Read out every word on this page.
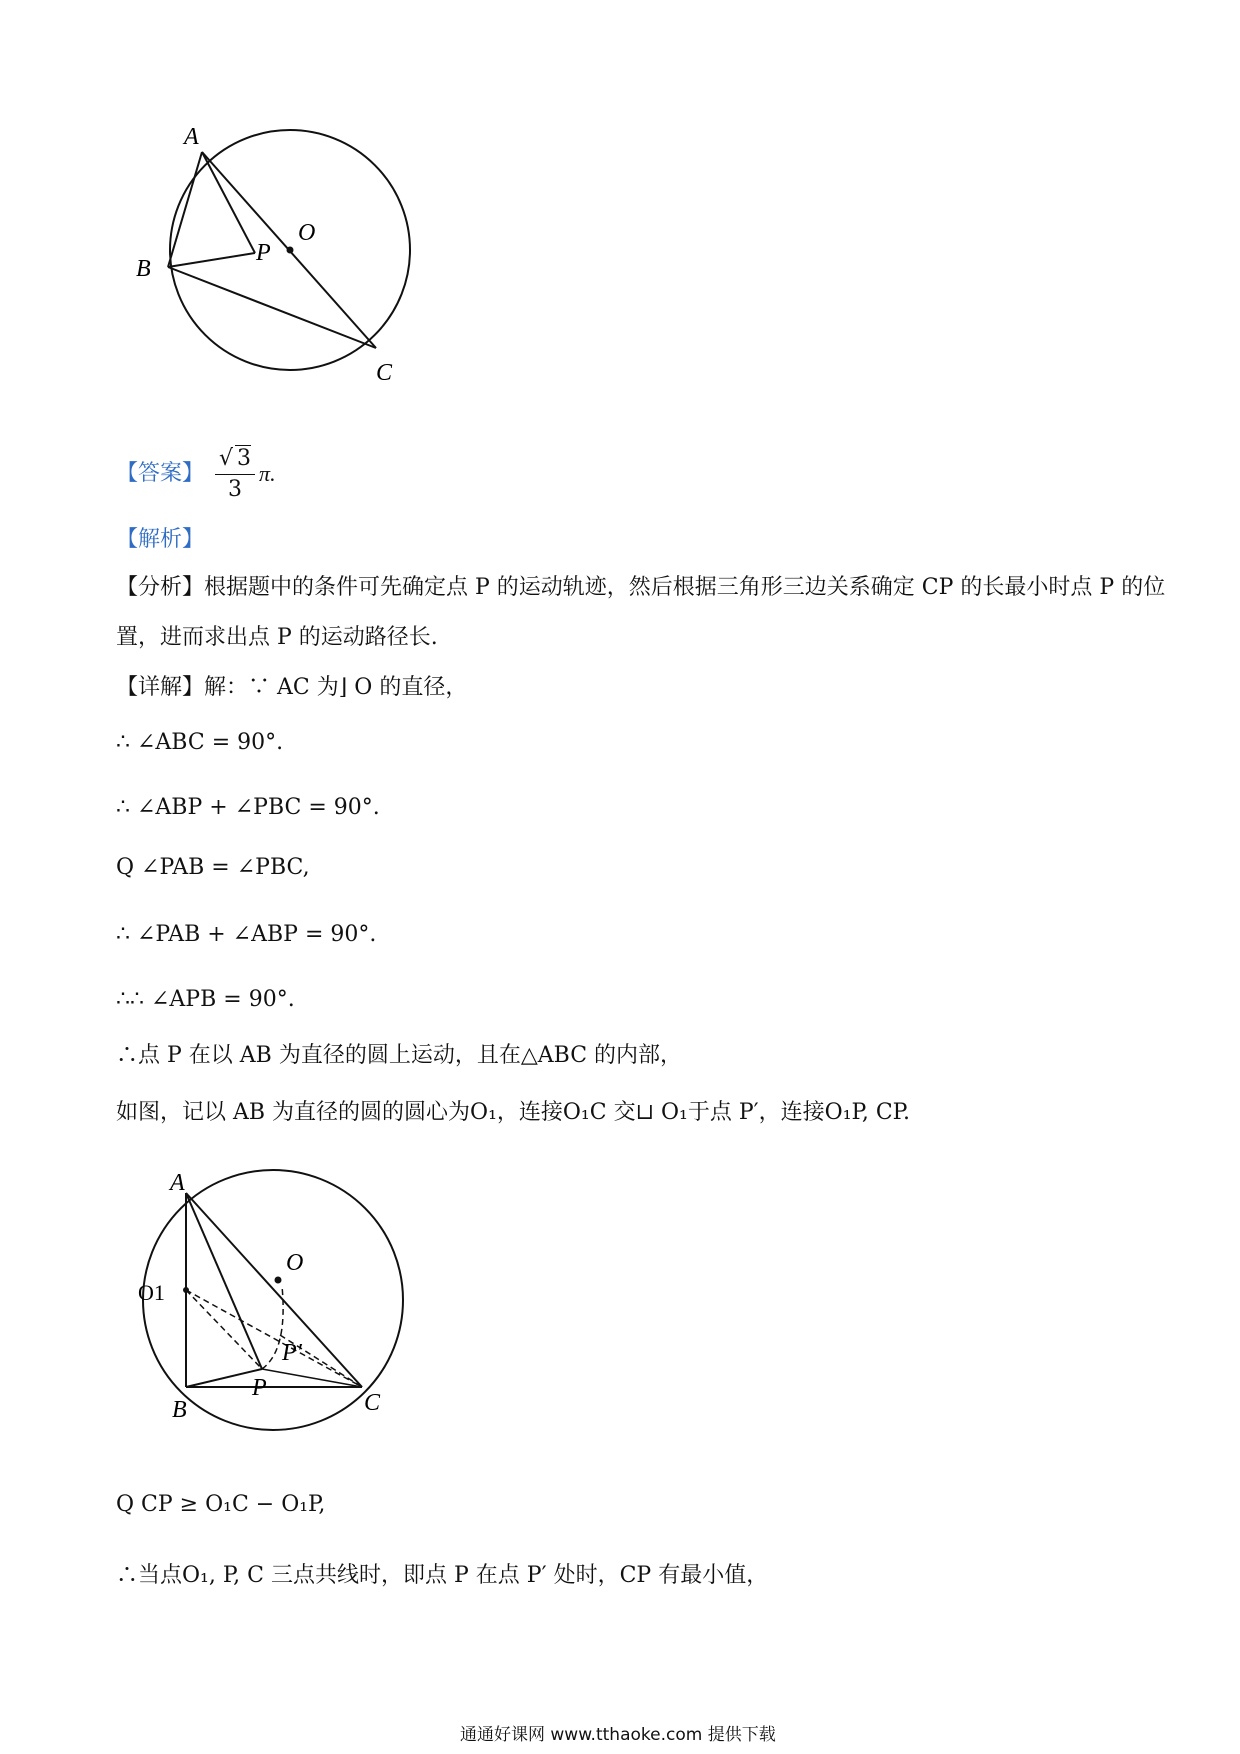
A
B
C
O
P
【答案】 $\frac{√ 3}{3} \pi$.
【解析】
【分析】根据题中的条件可先确定点 P 的运动轨迹，然后根据三角形三边关系确定 CP 的长最小时点 P 的位
置，进而求出点 P 的运动路径长.
【详解】解：∵ AC 为⌋ O 的直径，
∴ ∠ABC = 90°.
∴ ∠ABP + ∠PBC = 90°.
Q ∠PAB = ∠PBC,
∴ ∠PAB + ∠ABP = 90°.
∴∴ ∠APB = 90°.
∴点 P 在以 AB 为直径的圆上运动，且在△ABC 的内部，
如图，记以 AB 为直径的圆的圆心为O₁，连接O₁C 交⊔ O₁于点 P′，连接O₁P, CP.
A
B	C
O
O1
P
P′
Q CP ≥ O₁C − O₁P,
∴当点O₁, P, C 三点共线时，即点 P 在点 P′ 处时，CP 有最小值，
通通好课网 www.tthaoke.com 提供下载
